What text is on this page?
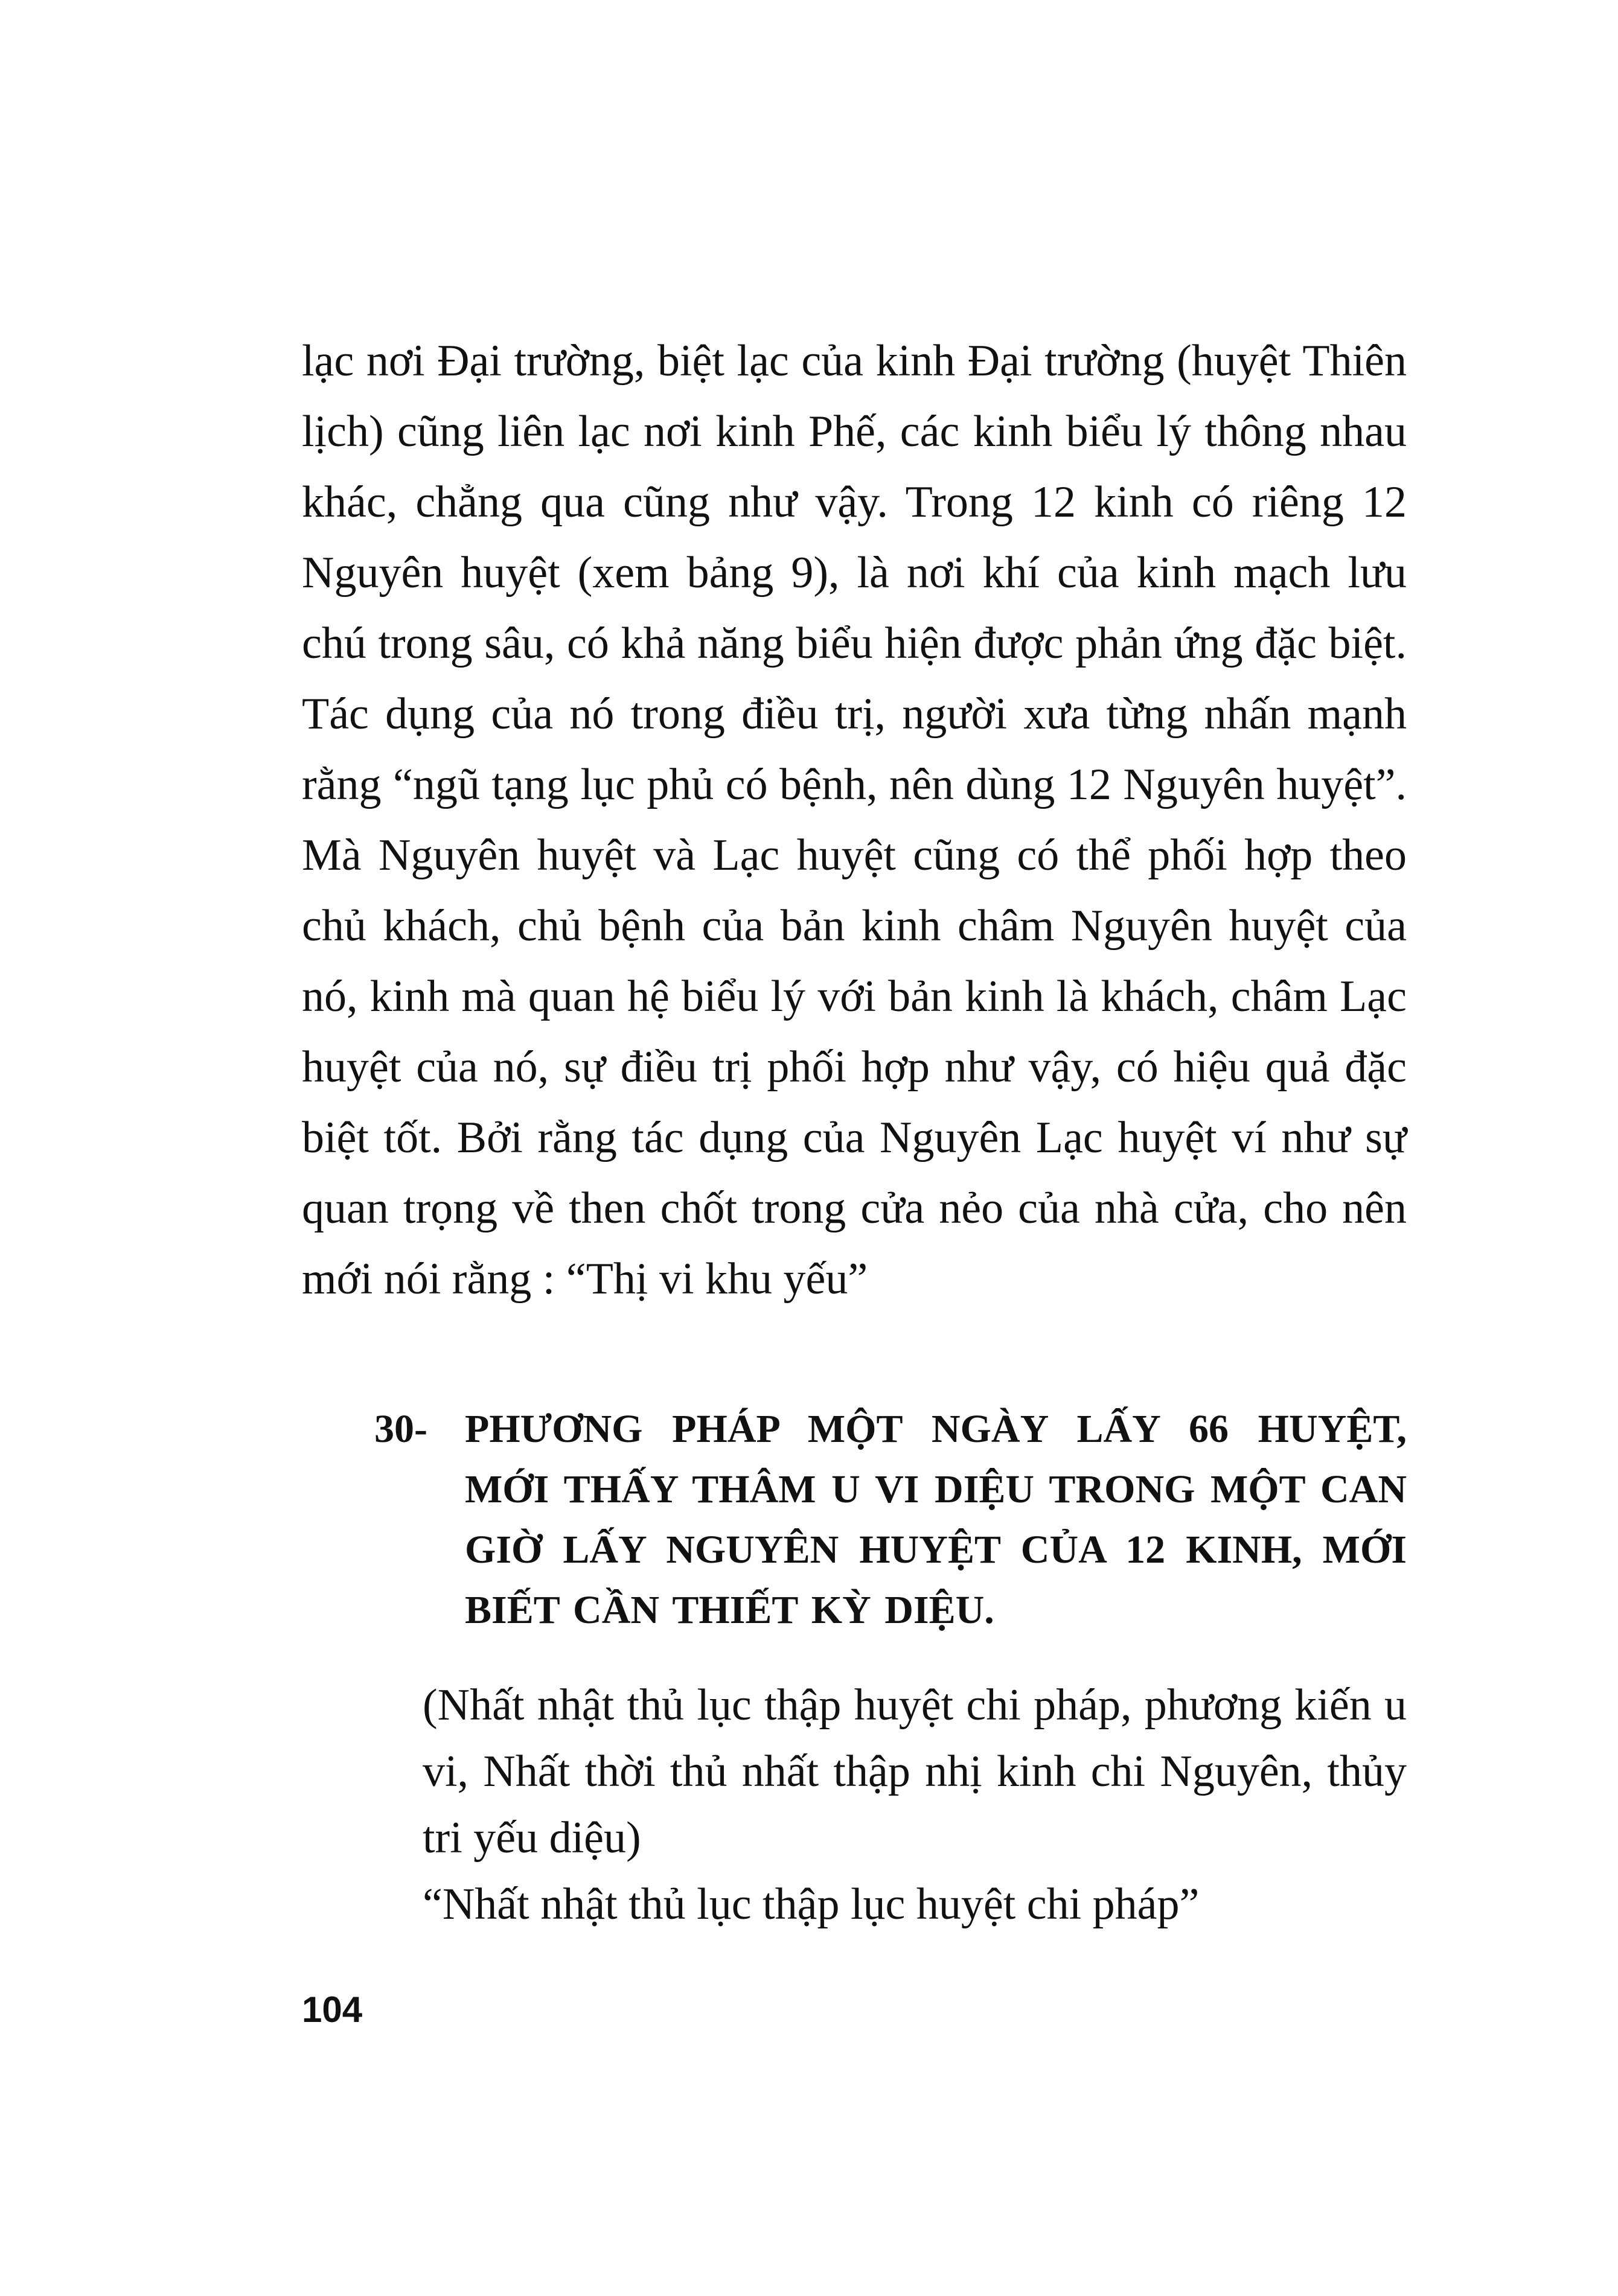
lạc nơi Đại trường, biệt lạc của kinh Đại trường (huyệt Thiên lịch) cũng liên lạc nơi kinh Phế, các kinh biểu lý thông nhau khác, chẳng qua cũng như vậy. Trong 12 kinh có riêng 12 Nguyên huyệt (xem bảng 9), là nơi khí của kinh mạch lưu chú trong sâu, có khả năng biểu hiện được phản ứng đặc biệt. Tác dụng của nó trong điều trị, người xưa từng nhấn mạnh rằng “ngũ tạng lục phủ có bệnh, nên dùng 12 Nguyên huyệt”. Mà Nguyên huyệt và Lạc huyệt cũng có thể phối hợp theo chủ khách, chủ bệnh của bản kinh châm Nguyên huyệt của nó, kinh mà quan hệ biểu lý với bản kinh là khách, châm Lạc huyệt của nó, sự điều trị phối hợp như vậy, có hiệu quả đặc biệt tốt. Bởi rằng tác dụng của Nguyên Lạc huyệt ví như sự quan trọng về then chốt trong cửa nẻo của nhà cửa, cho nên mới nói rằng : “Thị vi khu yếu”
30- PHƯƠNG PHÁP MỘT NGÀY LẤY 66 HUYỆT, MỚI THẤY THÂM U VI DIỆU TRONG MỘT CAN GIỜ LẤY NGUYÊN HUYỆT CỦA 12 KINH, MỚI BIẾT CẦN THIẾT KỲ DIỆU.
(Nhất nhật thủ lục thập huyệt chi pháp, phương kiến u vi, Nhất thời thủ nhất thập nhị kinh chi Nguyên, thủy tri yếu diệu)
“Nhất nhật thủ lục thập lục huyệt chi pháp”
104
